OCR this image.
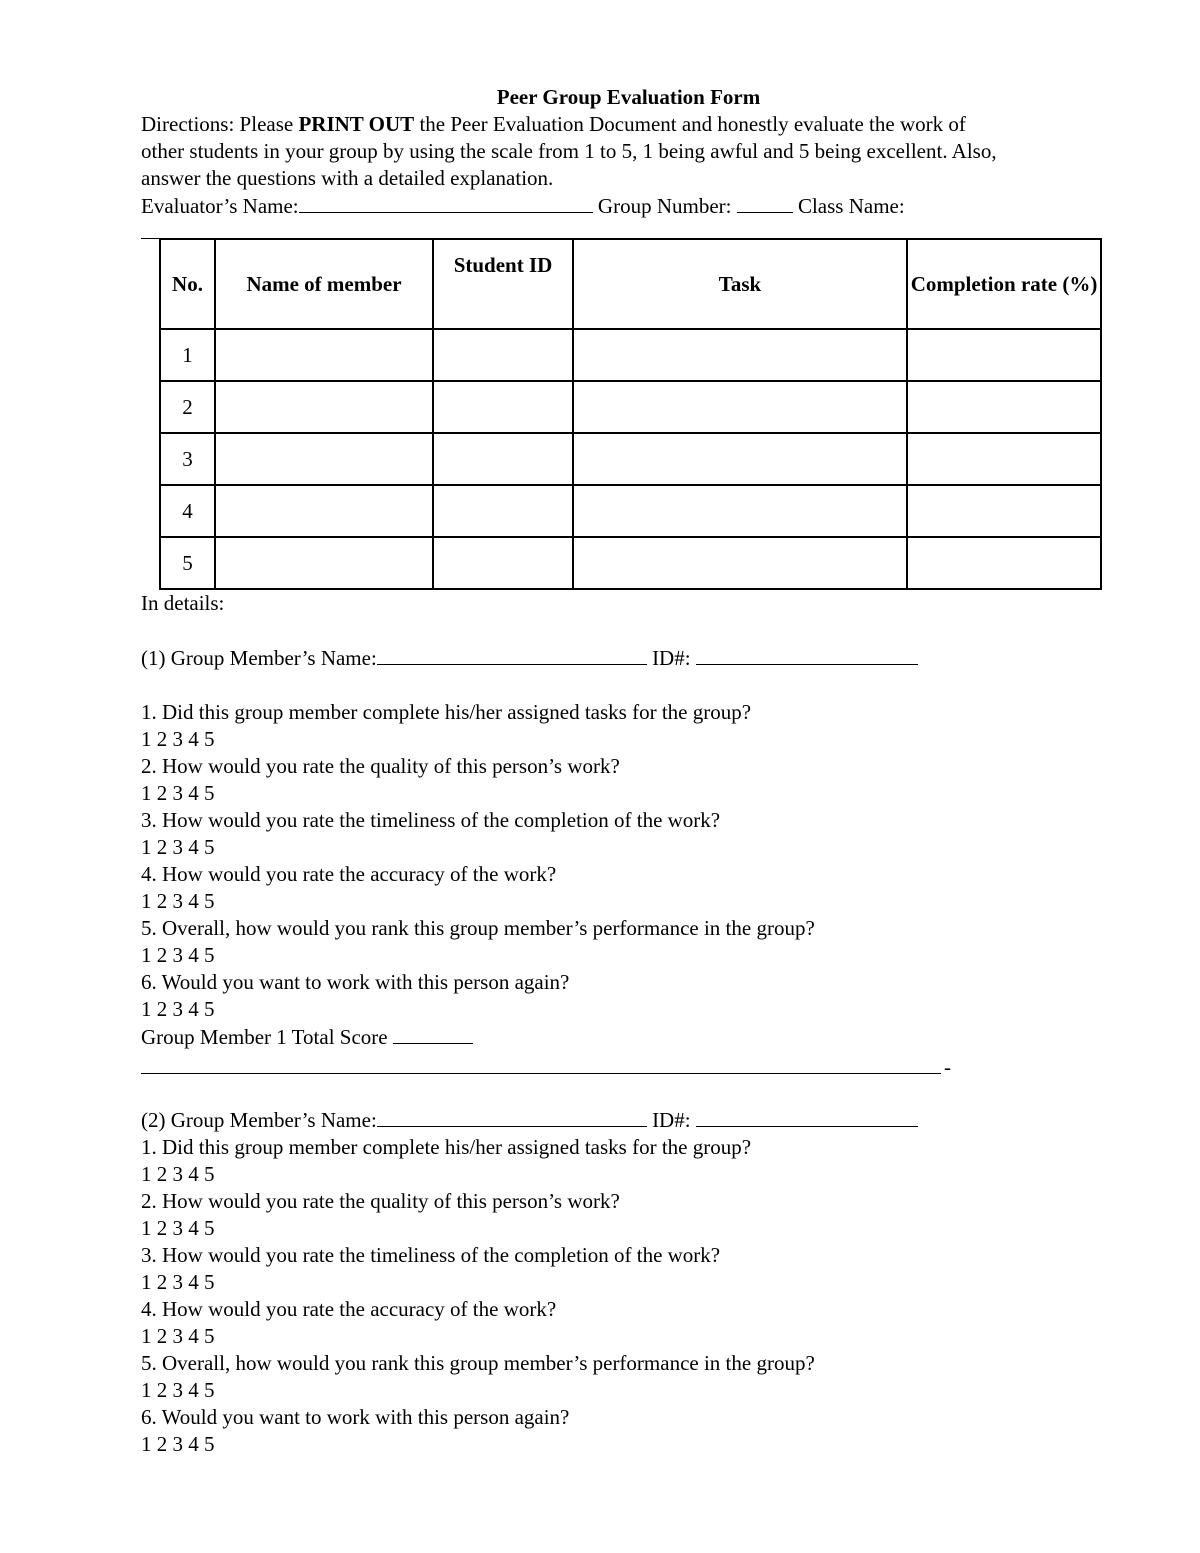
Peer Group Evaluation Form
Directions: Please PRINT OUT the Peer Evaluation Document and honestly evaluate the work of
other students in your group by using the scale from 1 to 5, 1 being awful and 5 being excellent. Also,
answer the questions with a detailed explanation.
Evaluator’s Name:	Group Number:	Class Name:
No.	Name of member	Student ID	Task	Completion rate (%)
1				
2				
3				
4				
5				
In details:
(1) Group Member’s Name:	ID#:
1. Did this group member complete his/her assigned tasks for the group?
1 2 3 4 5
2. How would you rate the quality of this person’s work?
1 2 3 4 5
3. How would you rate the timeliness of the completion of the work?
1 2 3 4 5
4. How would you rate the accuracy of the work?
1 2 3 4 5
5. Overall, how would you rank this group member’s performance in the group?
1 2 3 4 5
6. Would you want to work with this person again?
1 2 3 4 5
Group Member 1 Total Score
-
(2) Group Member’s Name:	ID#:
1. Did this group member complete his/her assigned tasks for the group?
1 2 3 4 5
2. How would you rate the quality of this person’s work?
1 2 3 4 5
3. How would you rate the timeliness of the completion of the work?
1 2 3 4 5
4. How would you rate the accuracy of the work?
1 2 3 4 5
5. Overall, how would you rank this group member’s performance in the group?
1 2 3 4 5
6. Would you want to work with this person again?
1 2 3 4 5
